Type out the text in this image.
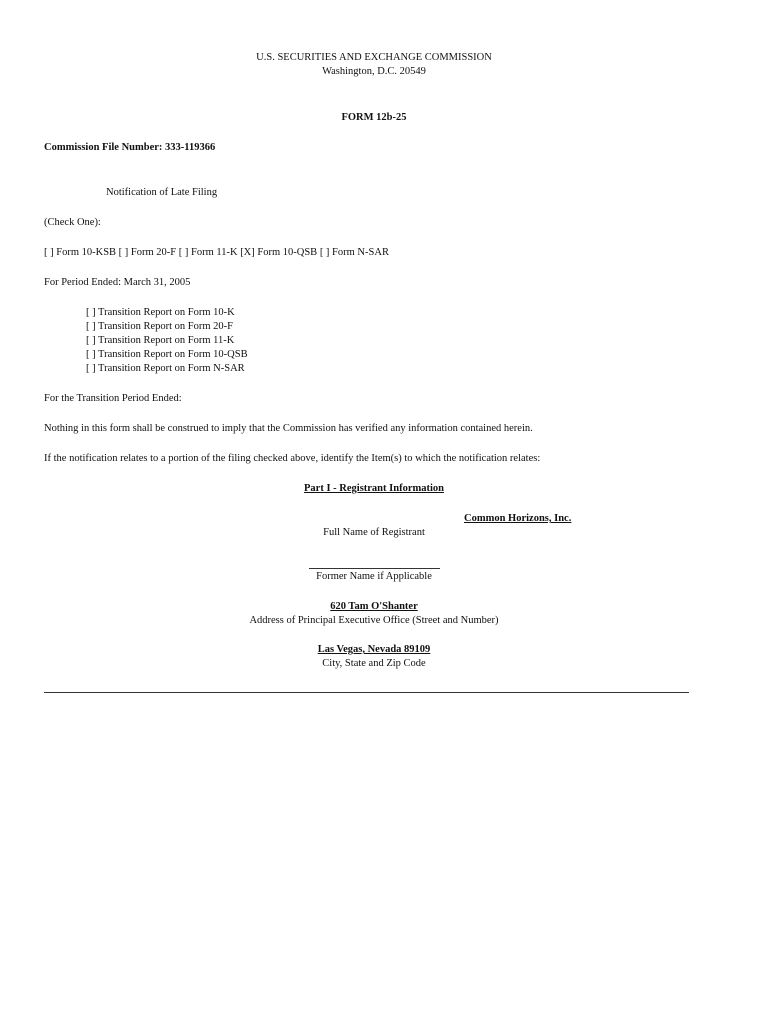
U.S. SECURITIES AND EXCHANGE COMMISSION
Washington, D.C. 20549
FORM 12b-25
Commission File Number: 333-119366
Notification of Late Filing
(Check One):
[ ] Form 10-KSB [ ] Form 20-F [ ] Form 11-K [X] Form 10-QSB [ ] Form N-SAR
For Period Ended: March 31, 2005
[ ] Transition Report on Form 10-K
[ ] Transition Report on Form 20-F
[ ] Transition Report on Form 11-K
[ ] Transition Report on Form 10-QSB
[ ] Transition Report on Form N-SAR
For the Transition Period Ended:
Nothing in this form shall be construed to imply that the Commission has verified any information contained herein.
If the notification relates to a portion of the filing checked above, identify the Item(s) to which the notification relates:
Part I - Registrant Information
Common Horizons, Inc.
Full Name of Registrant
Former Name if Applicable
620 Tam O'Shanter
Address of Principal Executive Office (Street and Number)
Las Vegas, Nevada 89109
City, State and Zip Code
